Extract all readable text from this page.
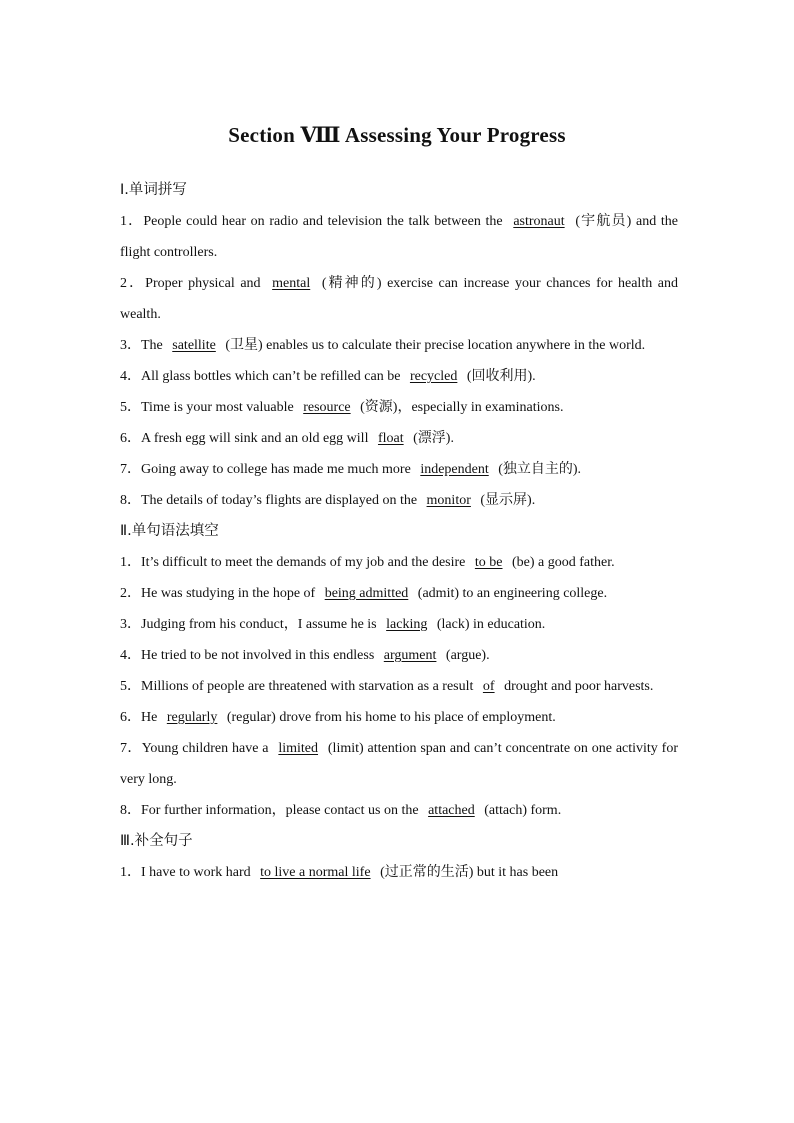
Section Ⅷ Assessing Your Progress
Ⅰ.单词拼写
1．People could hear on radio and television the talk between the astronaut (宇航员) and the flight controllers.
2．Proper physical and mental (精神的) exercise can increase your chances for health and wealth.
3．The satellite (卫星) enables us to calculate their precise location anywhere in the world.
4．All glass bottles which can’t be refilled can be recycled (回收利用).
5．Time is your most valuable resource (资源)，especially in examinations.
6．A fresh egg will sink and an old egg will float (漂浮).
7．Going away to college has made me much more independent (独立自主的).
8．The details of today’s flights are displayed on the monitor (显示屏).
Ⅱ.单句语法填空
1．It’s difficult to meet the demands of my job and the desire to be (be) a good father.
2．He was studying in the hope of being admitted (admit) to an engineering college.
3．Judging from his conduct，I assume he is lacking (lack) in education.
4．He tried to be not involved in this endless argument (argue).
5．Millions of people are threatened with starvation as a result of drought and poor harvests.
6．He regularly (regular) drove from his home to his place of employment.
7．Young children have a limited (limit) attention span and can’t concentrate on one activity for very long.
8．For further information，please contact us on the attached (attach) form.
Ⅲ.补全句子
1．I have to work hard to live a normal life (过正常的生活) but it has been
